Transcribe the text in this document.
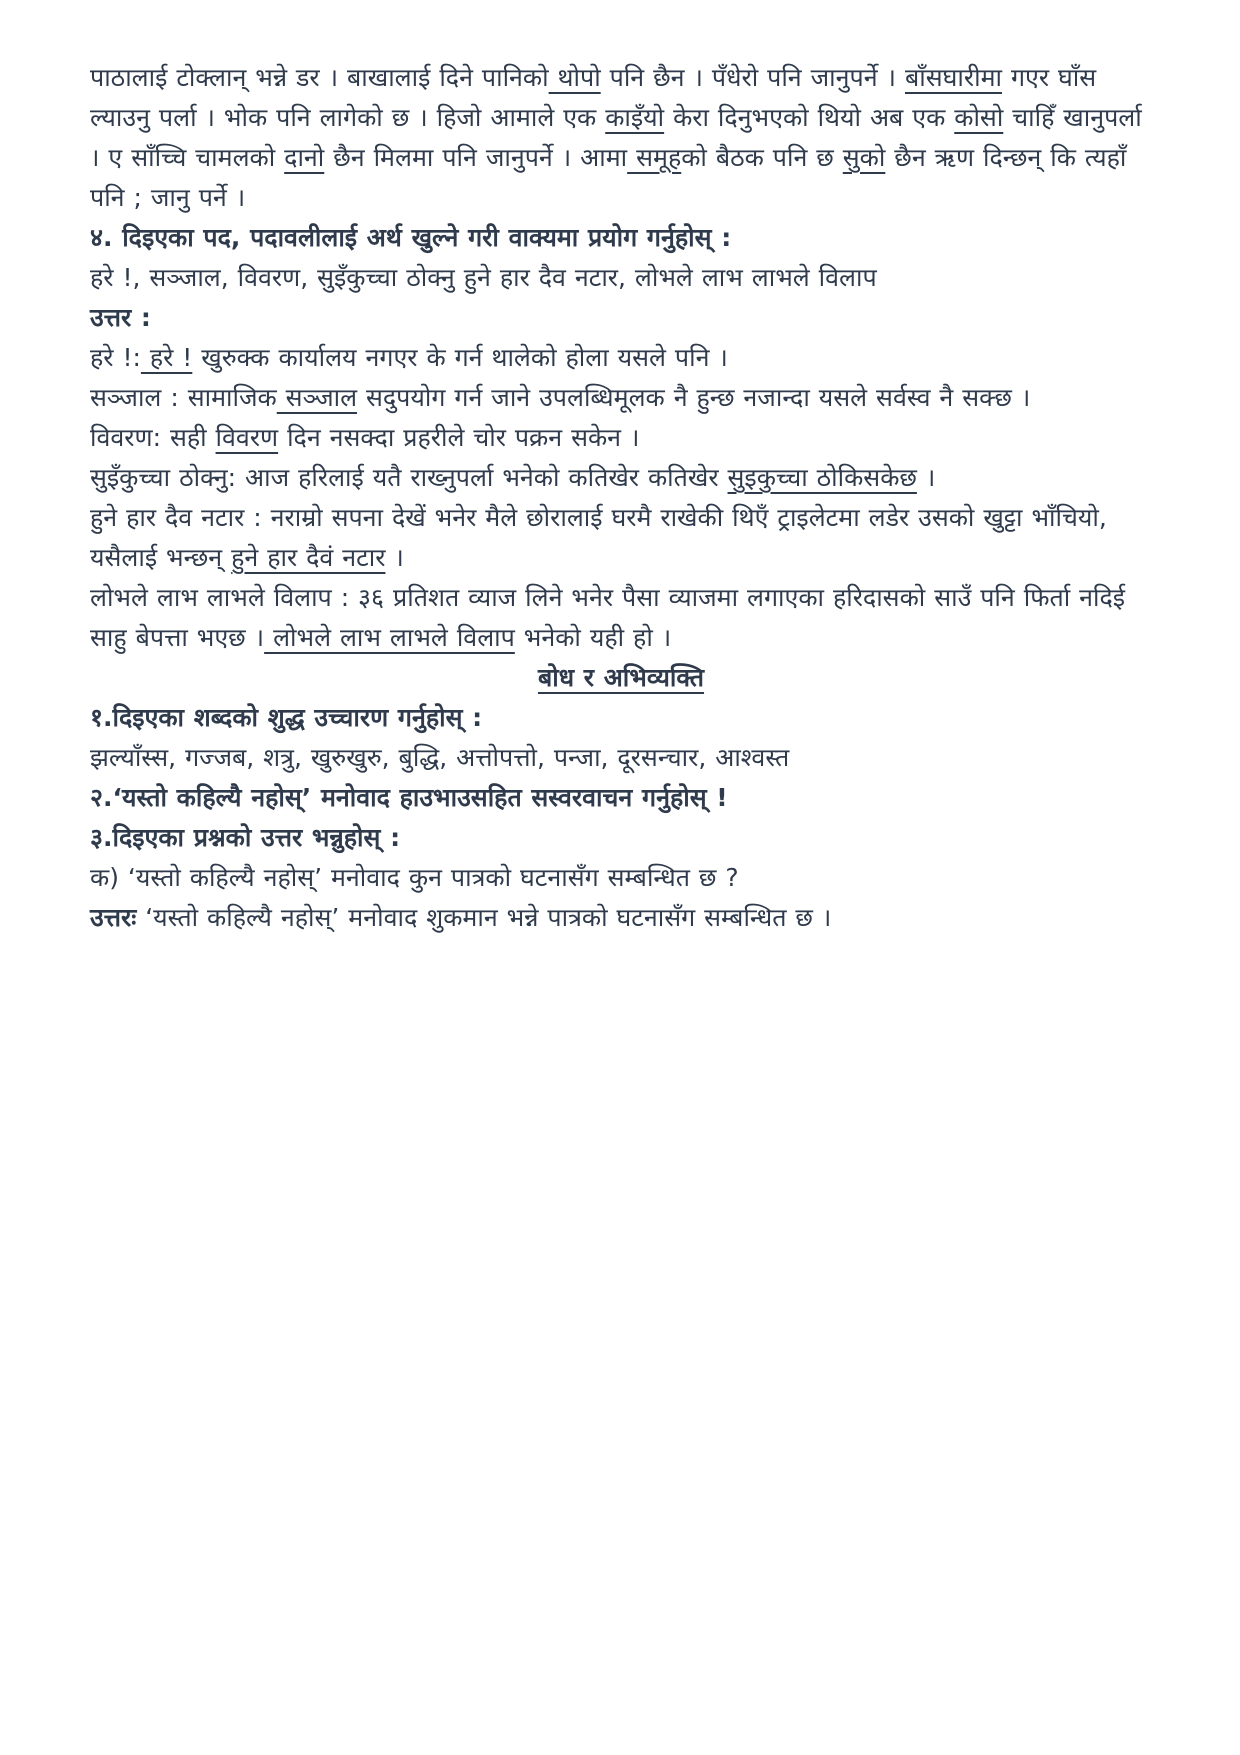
पाठालाई टोक्लान् भन्ने डर । बाखालाई दिने पानिको थोपो पनि छैन । पँधेरो पनि जानुपर्ने । बाँसघारीमा गएर घाँस ल्याउनु पर्ला । भोक पनि लागेको छ । हिजो आमाले एक काइँयो केरा दिनुभएको थियो अब एक कोसो चाहिँ खानुपर्ला । ए साँच्चि चामलको दानो छैन मिलमा पनि जानुपर्ने । आमा समूहको बैठक पनि छ सुको छैन ऋण दिन्छन् कि त्यहाँ पनि ; जानु पर्ने ।

४. दिइएका पद, पदावलीलाई अर्थ खुल्ने गरी वाक्यमा प्रयोग गर्नुहोस् :

हरे !, सञ्जाल, विवरण, सुइँकुच्चा ठोक्नु हुने हार दैव नटार, लोभले लाभ लाभले विलाप

उत्तर :

हरे !: हरे ! खुरुक्क कार्यालय नगएर के गर्न थालेको होला यसले पनि ।

सञ्जाल : सामाजिक सञ्जाल सदुपयोग गर्न जाने उपलब्धिमूलक नै हुन्छ नजान्दा यसले सर्वस्व नै सक्छ ।

विवरण: सही विवरण दिन नसक्दा प्रहरीले चोर पक्रन सकेन ।

सुइँकुच्चा ठोक्नु: आज हरिलाई यतै राख्नुपर्ला भनेको कतिखेर कतिखेर सुइकुच्चा ठोकिसकेछ ।

हुने हार दैव नटार : नराम्रो सपना देखें भनेर मैले छोरालाई घरमै राखेकी थिएँ ट्राइलेटमा लडेर उसको खुट्टा भाँचियो, यसैलाई भन्छन् हुने हार दैवं नटार ।

लोभले लाभ लाभले विलाप : ३६ प्रतिशत व्याज लिने भनेर पैसा व्याजमा लगाएका हरिदासको साउँ पनि फिर्ता नदिई साहु बेपत्ता भएछ । लोभले लाभ लाभले विलाप भनेको यही हो ।

बोध र अभिव्यक्ति

१.दिइएका शब्दको शुद्ध उच्चारण गर्नुहोस् :

झल्याँस्स, गज्जब, शत्रु, खुरुखुरु, बुद्धि, अत्तोपत्तो, पन्जा, दूरसन्चार, आश्वस्त

२.‘यस्तो कहिल्यै नहोस्’ मनोवाद हाउभाउसहित सस्वरवाचन गर्नुहोस् !

३.दिइएका प्रश्नको उत्तर भन्नुहोस् :

क) ‘यस्तो कहिल्यै नहोस्’ मनोवाद कुन पात्रको घटनासँग सम्बन्धित छ ?

उत्तरः ‘यस्तो कहिल्यै नहोस्’ मनोवाद शुकमान भन्ने पात्रको घटनासँग सम्बन्धित छ ।
